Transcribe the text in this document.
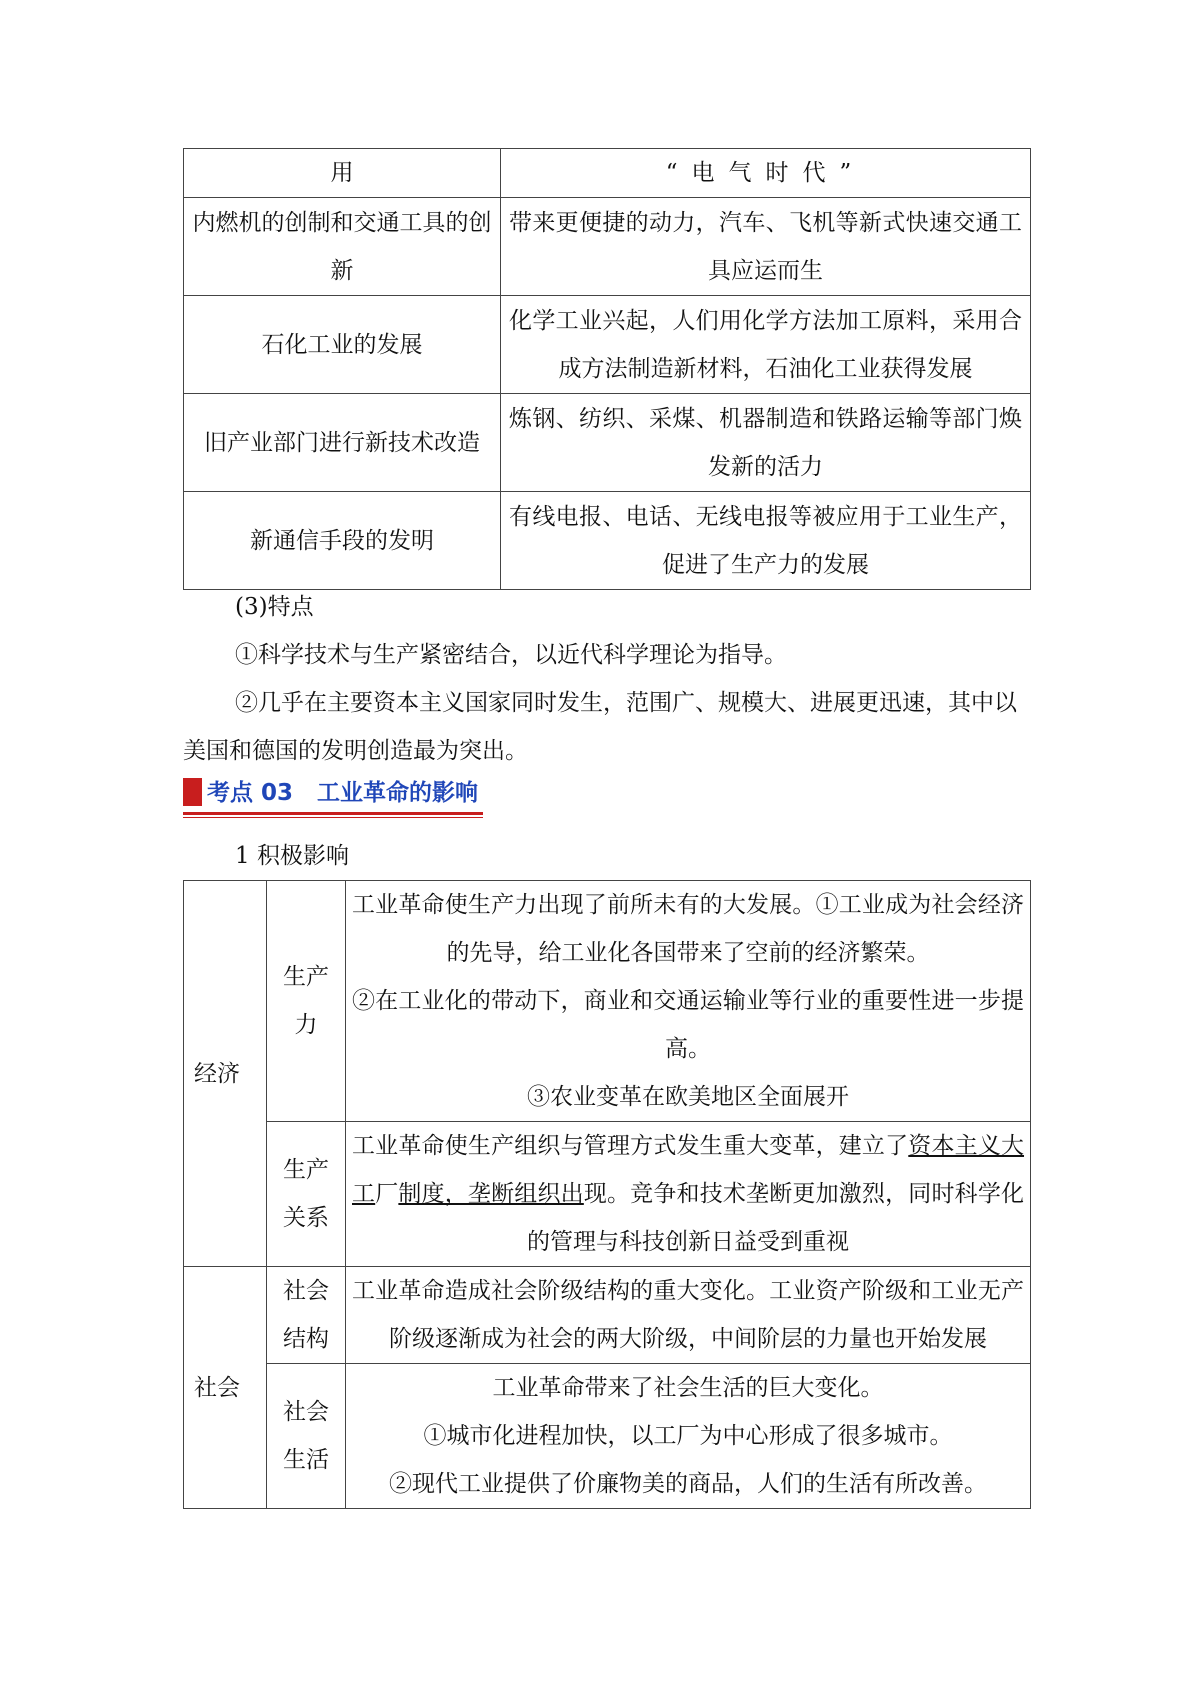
用	“电气时代”
内燃机的创制和交通工具的创新	带来更便捷的动力，汽车、飞机等新式快速交通工具应运而生
石化工业的发展	化学工业兴起，人们用化学方法加工原料，采用合成方法制造新材料，石油化工业获得发展
旧产业部门进行新技术改造	炼钢、纺织、采煤、机器制造和铁路运输等部门焕发新的活力
新通信手段的发明	有线电报、电话、无线电报等被应用于工业生产，促进了生产力的发展

(3)特点

①科学技术与生产紧密结合，以近代科学理论为指导。

②几乎在主要资本主义国家同时发生，范围广、规模大、进展更迅速，其中以美国和德国的发明创造最为突出。

考点 03 工业革命的影响

1 积极影响

经济	生产力	工业革命使生产力出现了前所未有的大发展。①工业成为社会经济的先导，给工业化各国带来了空前的经济繁荣。
②在工业化的带动下，商业和交通运输业等行业的重要性进一步提高。

③农业变革在欧美地区全面展开

	生产关系	工业革命使生产组织与管理方式发生重大变革，建立了资本主义大工厂制度，垄断组织出现。竞争和技术垄断更加激烈，同时科学化的管理与科技创新日益受到重视
社会	社会结构	工业革命造成社会阶级结构的重大变化。工业资产阶级和工业无产阶级逐渐成为社会的两大阶级，中间阶层的力量也开始发展
	社会生活	工业革命带来了社会生活的巨大变化。
①城市化进程加快，以工厂为中心形成了很多城市。
②现代工业提供了价廉物美的商品，人们的生活有所改善。
